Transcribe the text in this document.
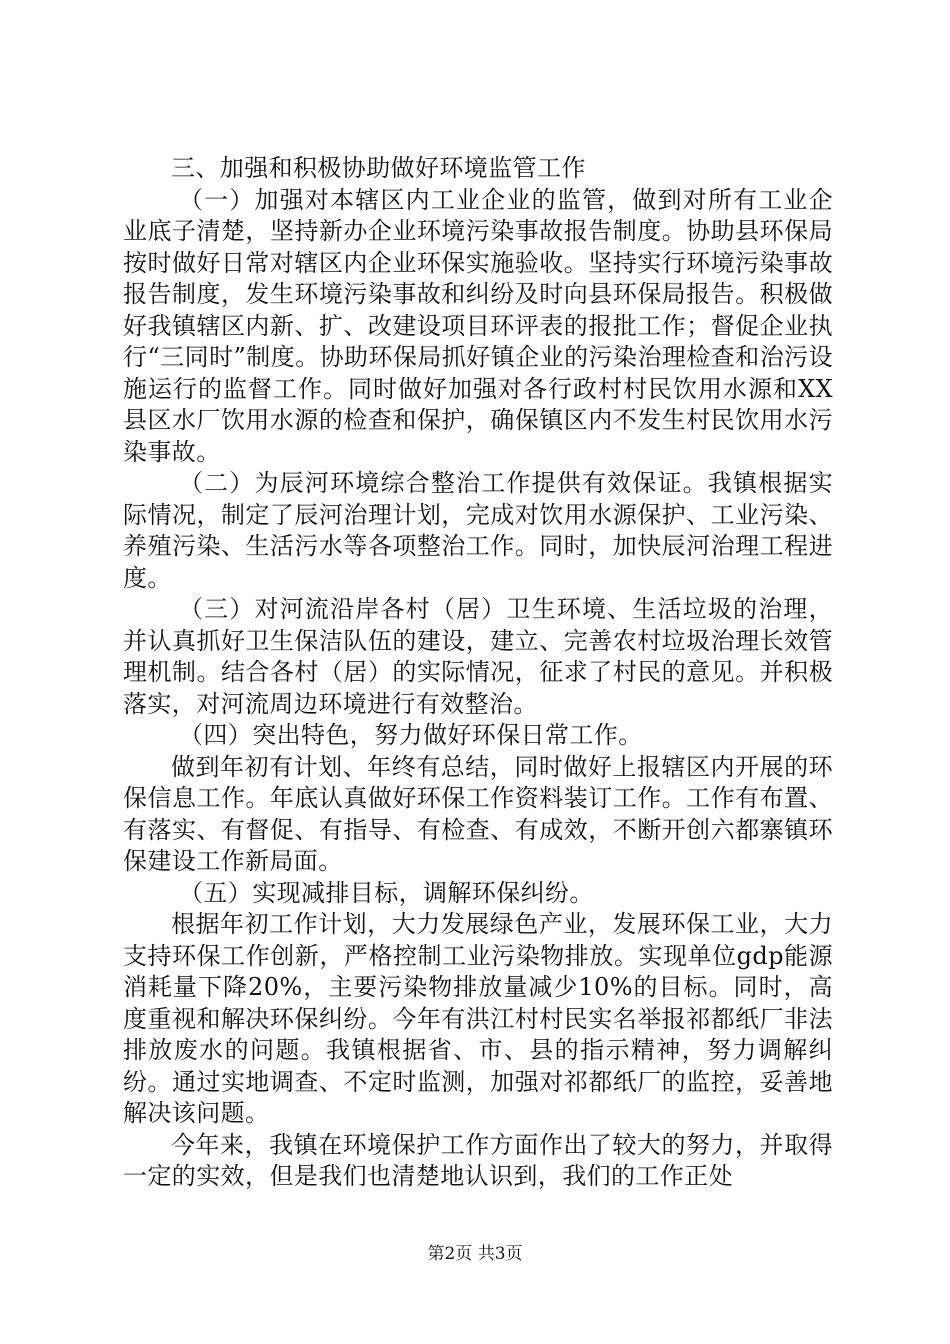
三、加强和积极协助做好环境监管工作

（一）加强对本辖区内工业企业的监管，做到对所有工业企业底子清楚，坚持新办企业环境污染事故报告制度。协助县环保局按时做好日常对辖区内企业环保实施验收。坚持实行环境污染事故报告制度，发生环境污染事故和纠纷及时向县环保局报告。积极做好我镇辖区内新、扩、改建设项目环评表的报批工作；督促企业执行“三同时”制度。协助环保局抓好镇企业的污染治理检查和治污设施运行的监督工作。同时做好加强对各行政村村民饮用水源和XX县区水厂饮用水源的检查和保护，确保镇区内不发生村民饮用水污染事故。

（二）为辰河环境综合整治工作提供有效保证。我镇根据实际情况，制定了辰河治理计划，完成对饮用水源保护、工业污染、养殖污染、生活污水等各项整治工作。同时，加快辰河治理工程进度。

（三）对河流沿岸各村（居）卫生环境、生活垃圾的治理，并认真抓好卫生保洁队伍的建设，建立、完善农村垃圾治理长效管理机制。结合各村（居）的实际情况，征求了村民的意见。并积极落实，对河流周边环境进行有效整治。

（四）突出特色，努力做好环保日常工作。

做到年初有计划、年终有总结，同时做好上报辖区内开展的环保信息工作。年底认真做好环保工作资料装订工作。工作有布置、有落实、有督促、有指导、有检查、有成效，不断开创六都寨镇环保建设工作新局面。

（五）实现减排目标，调解环保纠纷。

根据年初工作计划，大力发展绿色产业，发展环保工业，大力支持环保工作创新，严格控制工业污染物排放。实现单位gdp能源消耗量下降20%，主要污染物排放量减少10%的目标。同时，高度重视和解决环保纠纷。今年有洪江村村民实名举报祁都纸厂非法排放废水的问题。我镇根据省、市、县的指示精神，努力调解纠纷。通过实地调查、不定时监测，加强对祁都纸厂的监控，妥善地解决该问题。

今年来，我镇在环境保护工作方面作出了较大的努力，并取得一定的实效，但是我们也清楚地认识到，我们的工作正处

第2页 共3页
